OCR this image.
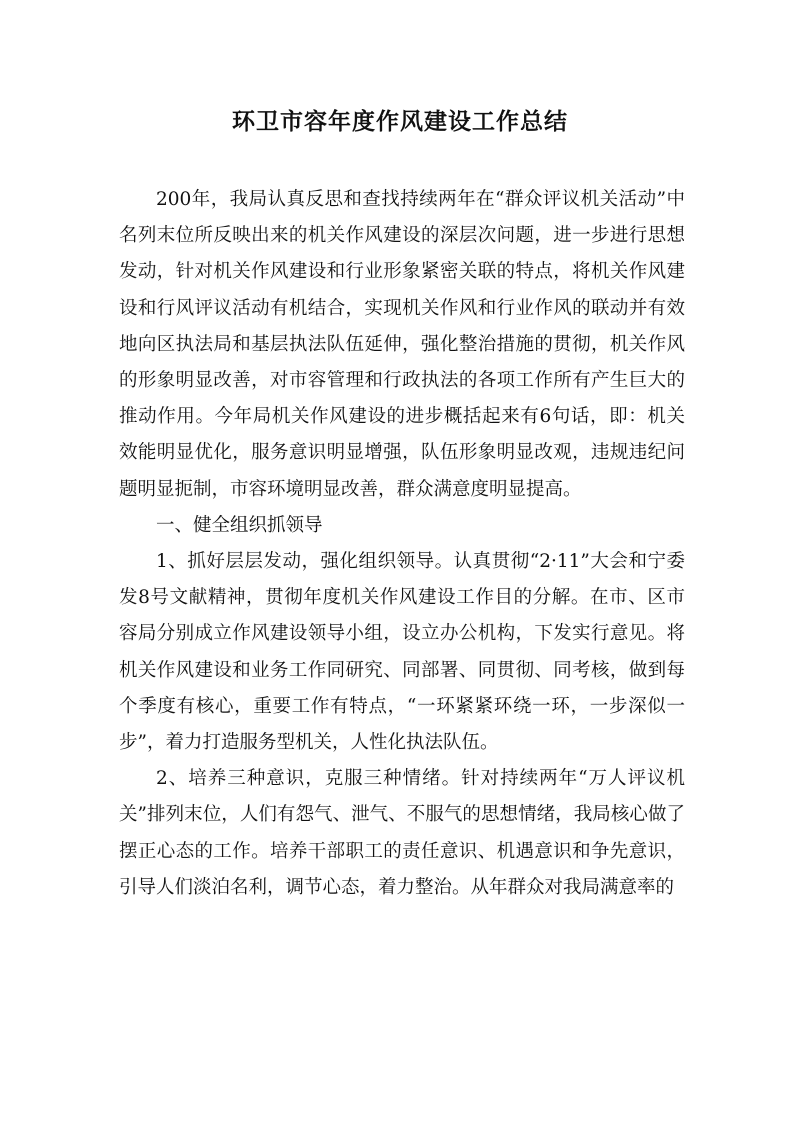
环卫市容年度作风建设工作总结

200年，我局认真反思和查找持续两年在“群众评议机关活动”中名列末位所反映出来的机关作风建设的深层次问题，进一步进行思想发动，针对机关作风建设和行业形象紧密关联的特点，将机关作风建设和行风评议活动有机结合，实现机关作风和行业作风的联动并有效地向区执法局和基层执法队伍延伸，强化整治措施的贯彻，机关作风的形象明显改善，对市容管理和行政执法的各项工作所有产生巨大的推动作用。今年局机关作风建设的进步概括起来有6句话，即：机关效能明显优化，服务意识明显增强，队伍形象明显改观，违规违纪问题明显扼制，市容环境明显改善，群众满意度明显提高。

一、健全组织抓领导

1、抓好层层发动，强化组织领导。认真贯彻“2·11”大会和宁委发8号文献精神，贯彻年度机关作风建设工作目的分解。在市、区市容局分别成立作风建设领导小组，设立办公机构，下发实行意见。将机关作风建设和业务工作同研究、同部署、同贯彻、同考核，做到每个季度有核心，重要工作有特点，“一环紧紧环绕一环，一步深似一步”，着力打造服务型机关，人性化执法队伍。

2、培养三种意识，克服三种情绪。针对持续两年“万人评议机关”排列末位，人们有怨气、泄气、不服气的思想情绪，我局核心做了摆正心态的工作。培养干部职工的责任意识、机遇意识和争先意识，引导人们淡泊名利，调节心态，着力整治。从年群众对我局满意率的
